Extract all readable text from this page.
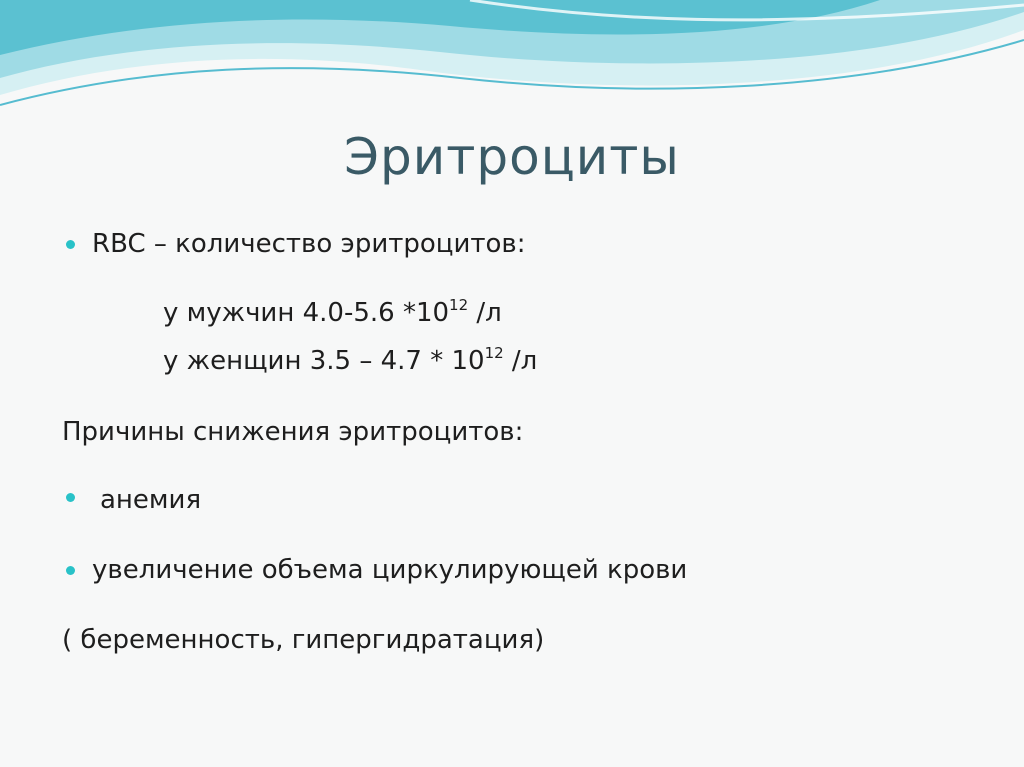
Эритроциты
RBC – количество эритроцитов:
у мужчин 4.0-5.6 $*10^{12}$ /л
у женщин $3.5 - 4.7 * 10^{12}$ /л
Причины снижения эритроцитов:
анемия
увеличение объема циркулирующей крови
( беременность, гипергидратация)
